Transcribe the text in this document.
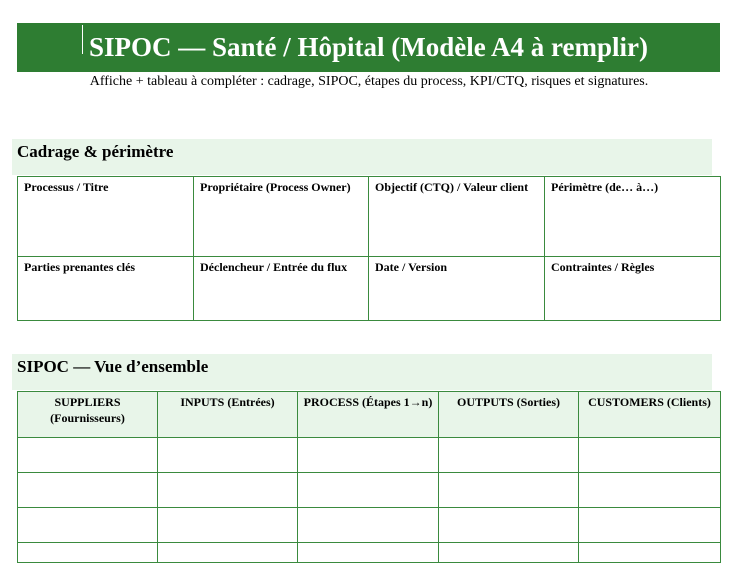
SIPOC — Santé / Hôpital (Modèle A4 à remplir)
Affiche + tableau à compléter : cadrage, SIPOC, étapes du process, KPI/CTQ, risques et signatures.
Cadrage & périmètre
Processus / Titre	Propriétaire (Process Owner)	Objectif (CTQ) / Valeur client	Périmètre (de… à…)
Parties prenantes clés	Déclencheur / Entrée du flux	Date / Version	Contraintes / Règles
SIPOC — Vue d’ensemble
SUPPLIERS (Fournisseurs)	INPUTS (Entrées)	PROCESS (Étapes 1→n)	OUTPUTS (Sorties)	CUSTOMERS (Clients)
